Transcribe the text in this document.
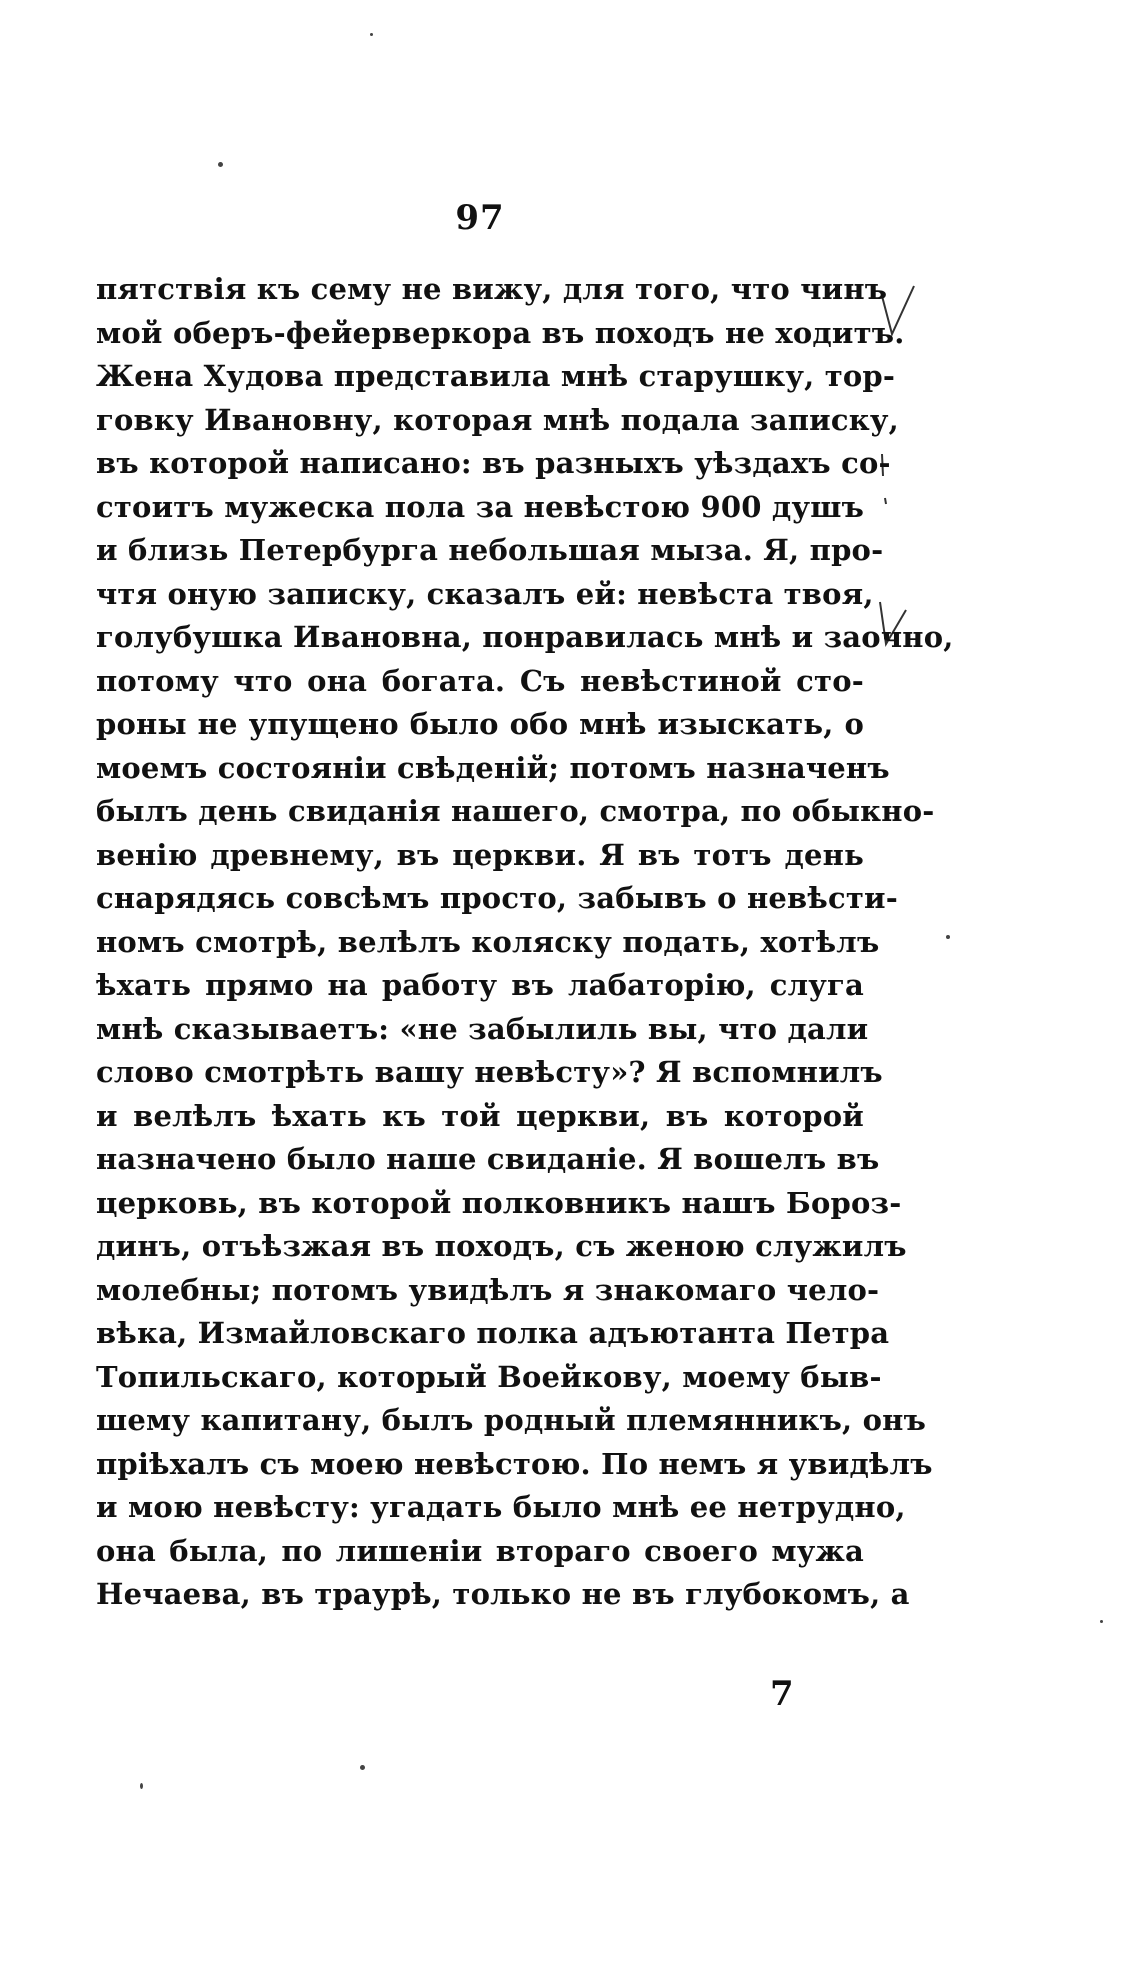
97
пятствія къ сему не вижу, для того, что чинъ
мой оберъ-фейерверкора въ походъ не ходитъ.
Жена Худова представила мнѣ старушку, тор-
говку Ивановну, которая мнѣ подала записку,
въ которой написано: въ разныхъ уѣздахъ со-
стоитъ мужеска пола за невѣстою 900 душъ
и близь Петербурга небольшая мыза. Я, про-
чтя оную записку, сказалъ ей: невѣста твоя,
голубушка Ивановна, понравилась мнѣ и заочно,
потому что она богата. Съ невѣстиной сто-
роны не упущено было обо мнѣ изыскать, о
моемъ состояніи свѣденій; потомъ назначенъ
былъ день свиданія нашего, смотра, по обыкно-
венію древнему, въ церкви. Я въ тотъ день
снарядясь совсѣмъ просто, забывъ о невѣсти-
номъ смотрѣ, велѣлъ коляску подать, хотѣлъ
ѣхать прямо на работу въ лабаторію, слуга
мнѣ сказываетъ: «не забылиль вы, что дали
слово смотрѣть вашу невѣсту»? Я вспомнилъ
и велѣлъ ѣхать къ той церкви, въ которой
назначено было наше свиданіе. Я вошелъ въ
церковь, въ которой полковникъ нашъ Бороз-
динъ, отъѣзжая въ походъ, съ женою служилъ
молебны; потомъ увидѣлъ я знакомаго чело-
вѣка, Измайловскаго полка адъютанта Петра
Топильскаго, который Воейкову, моему быв-
шему капитану, былъ родный племянникъ, онъ
пріѣхалъ съ моею невѣстою. По немъ я увидѣлъ
и мою невѣсту: угадать было мнѣ ее нетрудно,
она была, по лишеніи втораго своего мужа
Нечаева, въ трaурѣ, только не въ глубокомъ, а
7
